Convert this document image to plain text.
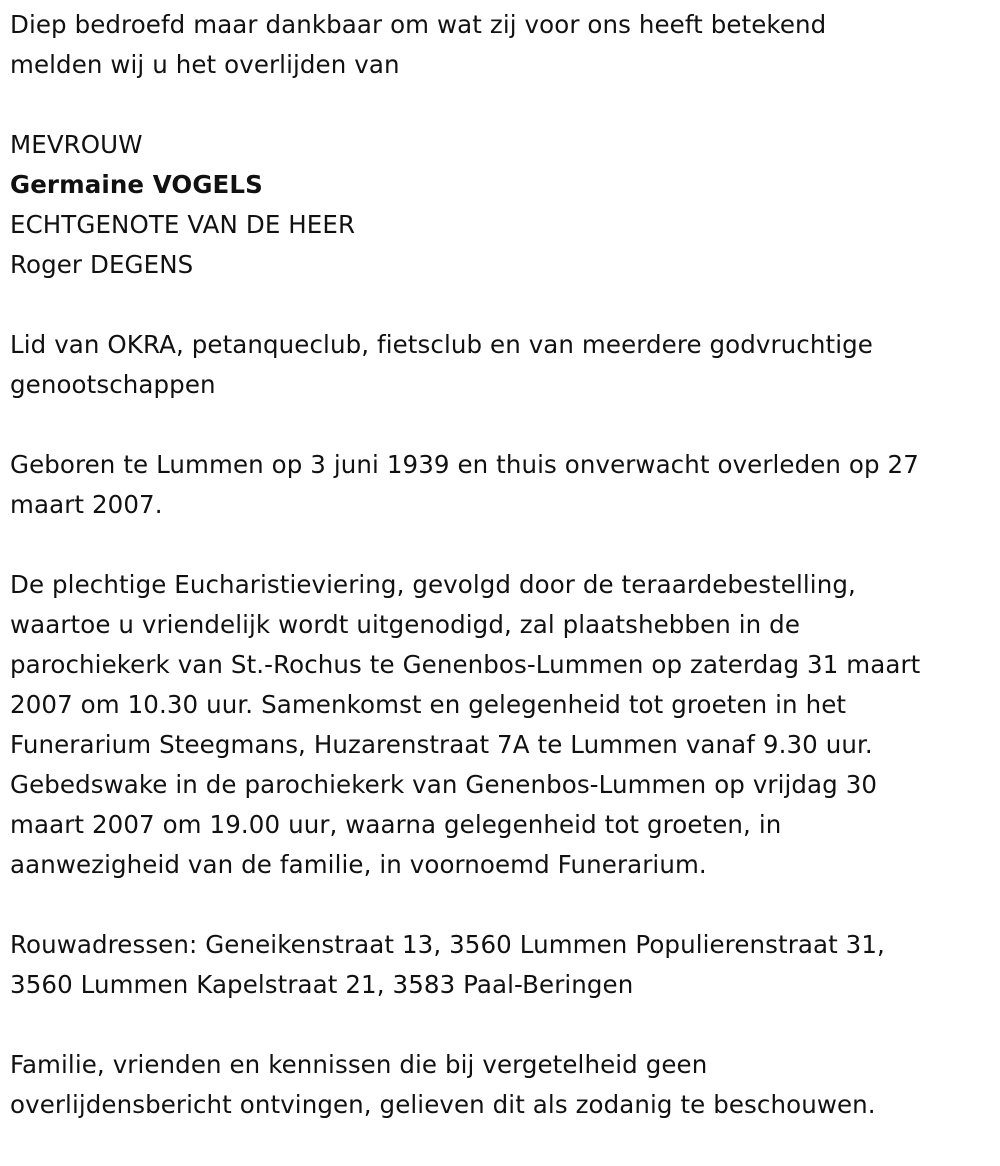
Diep bedroefd maar dankbaar om wat zij voor ons heeft betekend
melden wij u het overlijden van

MEVROUW
Germaine VOGELS
ECHTGENOTE VAN DE HEER
Roger DEGENS

Lid van OKRA, petanqueclub, fietsclub en van meerdere godvruchtige
genootschappen

Geboren te Lummen op 3 juni 1939 en thuis onverwacht overleden op 27
maart 2007.

De plechtige Eucharistieviering, gevolgd door de teraardebestelling,
waartoe u vriendelijk wordt uitgenodigd, zal plaatshebben in de
parochiekerk van St.-Rochus te Genenbos-Lummen op zaterdag 31 maart
2007 om 10.30 uur. Samenkomst en gelegenheid tot groeten in het
Funerarium Steegmans, Huzarenstraat 7A te Lummen vanaf 9.30 uur.
Gebedswake in de parochiekerk van Genenbos-Lummen op vrijdag 30
maart 2007 om 19.00 uur, waarna gelegenheid tot groeten, in
aanwezigheid van de familie, in voornoemd Funerarium.

Rouwadressen: Geneikenstraat 13, 3560 Lummen Populierenstraat 31,
3560 Lummen Kapelstraat 21, 3583 Paal-Beringen

Familie, vrienden en kennissen die bij vergetelheid geen
overlijdensbericht ontvingen, gelieven dit als zodanig te beschouwen.
